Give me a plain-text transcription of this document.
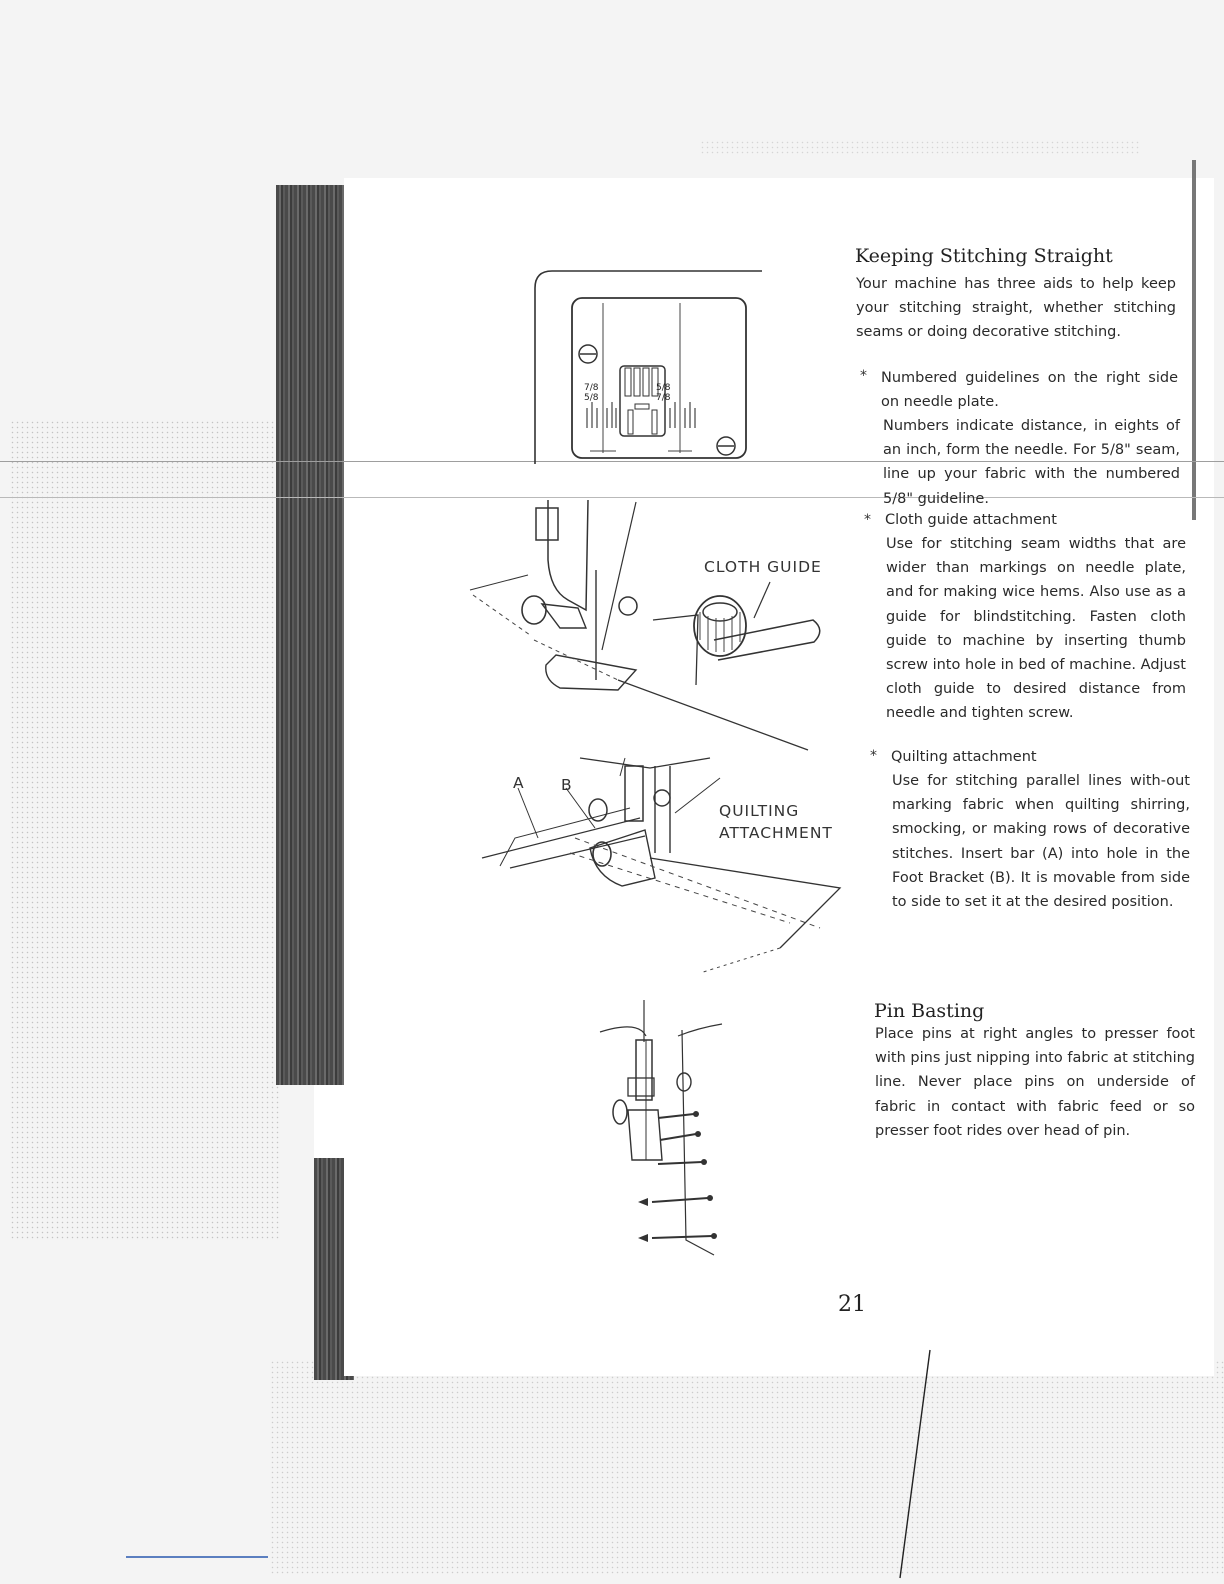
7/8 5/8
5/8 7/8
CLOTH GUIDE
A B
QUILTING
ATTACHMENT
Keeping Stitching Straight

Your machine has three aids to help keep your stitching straight, whether stitching seams or doing decorative stitching.

* Numbered guidelines on the right side on needle plate.

Numbers indicate distance, in eights of an inch, form the needle. For 5/8" seam, line up your fabric with the numbered 5/8" guideline.

* Cloth guide attachment

Use for stitching seam widths that are wider than markings on needle plate, and for making wice hems. Also use as a guide for blindstitching. Fasten cloth guide to machine by inserting thumb screw into hole in bed of machine. Adjust cloth guide to desired distance from needle and tighten screw.

* Quilting attachment

Use for stitching parallel lines with-out marking fabric when quilting shirring, smocking, or making rows of decorative stitches. Insert bar (A) into hole in the Foot Bracket (B). It is movable from side to side to set it at the desired position.

Pin Basting

Place pins at right angles to presser foot with pins just nipping into fabric at stitching line. Never place pins on underside of fabric in contact with fabric feed or so presser foot rides over head of pin.

21
